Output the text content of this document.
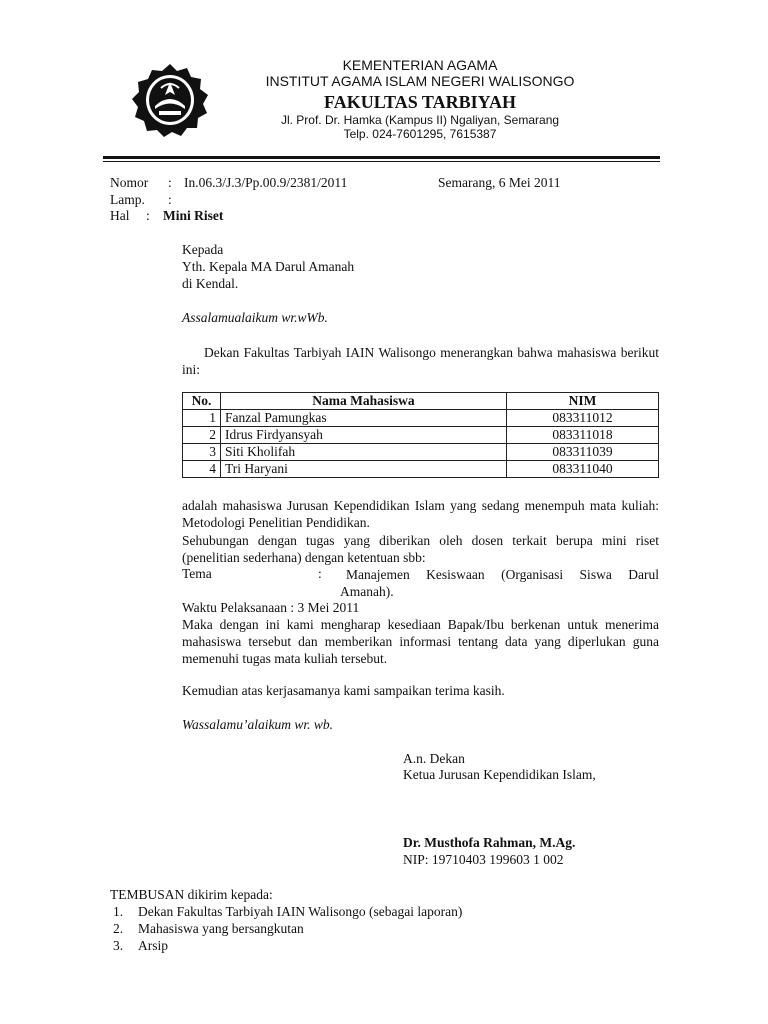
KEMENTERIAN AGAMA
INSTITUT AGAMA ISLAM NEGERI WALISONGO
FAKULTAS TARBIYAH
Jl. Prof. Dr. Hamka (Kampus II) Ngaliyan, Semarang
Telp. 024-7601295, 7615387
Nomor : In.06.3/J.3/Pp.00.9/2381/2011	Semarang, 6 Mei 2011
Lamp. :
Hal : Mini Riset
Kepada
Yth. Kepala MA Darul Amanah
di Kendal.
Assalamualaikum wr.wWb.
Dekan Fakultas Tarbiyah IAIN Walisongo menerangkan bahwa mahasiswa berikut ini:
No.	Nama Mahasiswa	NIM
1	Fanzal Pamungkas	083311012
2	Idrus Firdyansyah	083311018
3	Siti Kholifah	083311039
4	Tri Haryani	083311040
adalah mahasiswa Jurusan Kependidikan Islam yang sedang menempuh mata kuliah: Metodologi Penelitian Pendidikan.
Sehubungan dengan tugas yang diberikan oleh dosen terkait berupa mini riset (penelitian sederhana) dengan ketentuan sbb:
Tema	:	Manajemen Kesiswaan (Organisasi Siswa Darul Amanah).
Waktu Pelaksanaan : 3 Mei 2011
Maka dengan ini kami mengharap kesediaan Bapak/Ibu berkenan untuk menerima mahasiswa tersebut dan memberikan informasi tentang data yang diperlukan guna memenuhi tugas mata kuliah tersebut.
Kemudian atas kerjasamanya kami sampaikan terima kasih.
Wassalamu’alaikum wr. wb.
A.n. Dekan
Ketua Jurusan Kependidikan Islam,
Dr. Musthofa Rahman, M.Ag.
NIP: 19710403 199603 1 002
TEMBUSAN dikirim kepada:
1. Dekan Fakultas Tarbiyah IAIN Walisongo (sebagai laporan)
2. Mahasiswa yang bersangkutan
3. Arsip
